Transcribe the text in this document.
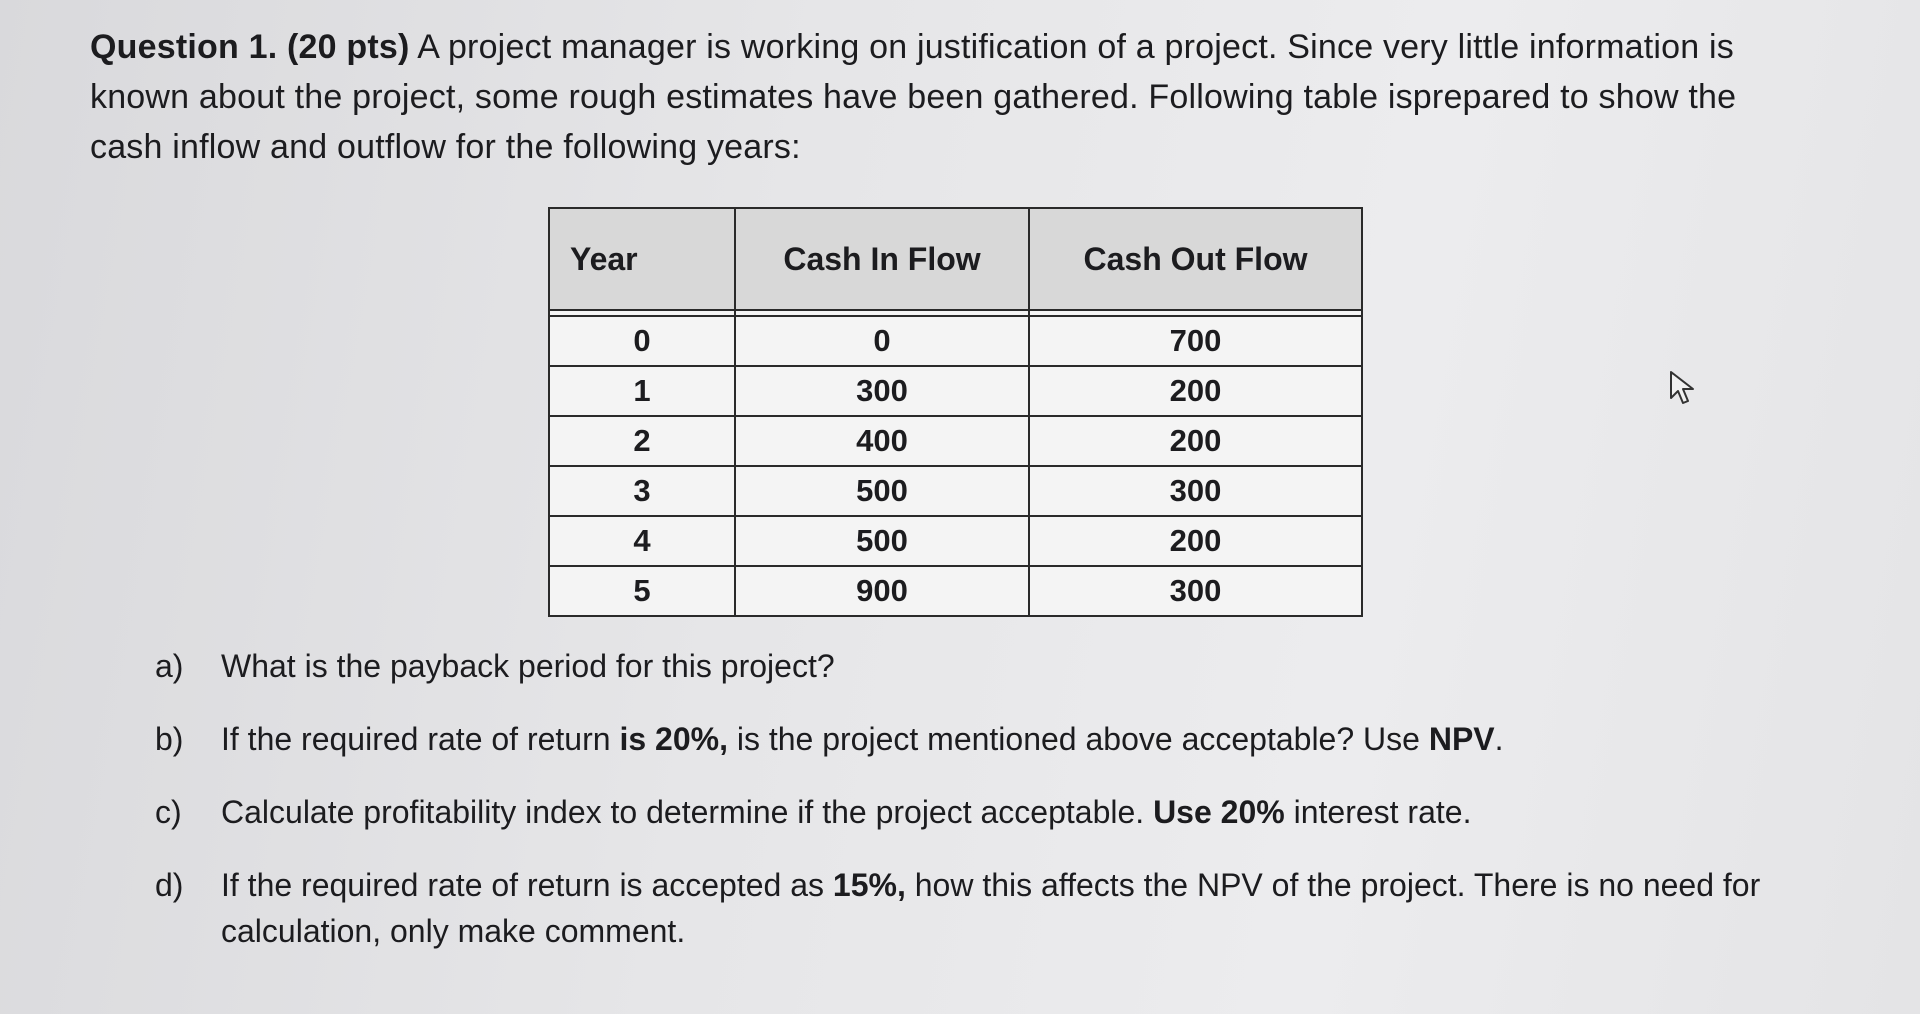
Question 1. (20 pts) A project manager is working on justification of a project. Since very little information is known about the project, some rough estimates have been gathered. Following table isprepared to show the cash inflow and outflow for the following years:
Year	Cash In Flow	Cash Out Flow

0	0	700
1	300	200
2	400	200
3	500	300
4	500	200
5	900	300
a)	What is the payback period for this project?
b)	If the required rate of return is 20%, is the project mentioned above acceptable? Use NPV.
c)	Calculate profitability index to determine if the project acceptable. Use 20% interest rate.
d)	If the required rate of return is accepted as 15%, how this affects the NPV of the project. There is no need for calculation, only make comment.
